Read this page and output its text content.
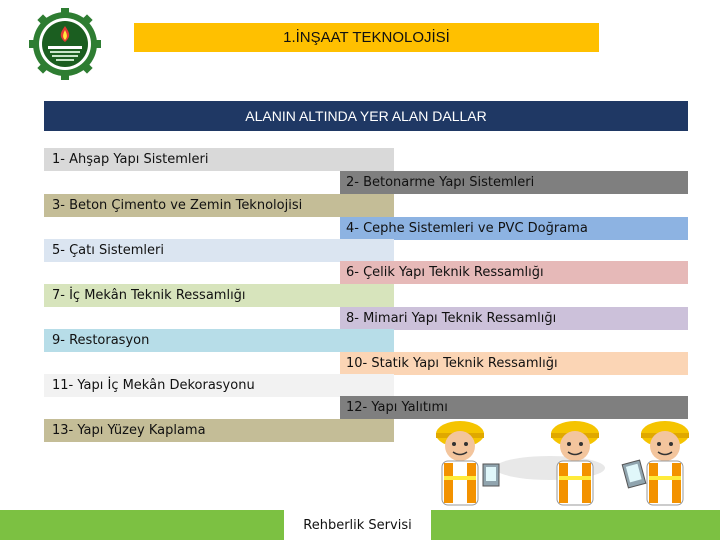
1.İNŞAAT TEKNOLOJİSİ
ALANIN ALTINDA YER ALAN DALLAR
1- Ahşap Yapı Sistemleri
2- Betonarme Yapı Sistemleri
3- Beton Çimento ve Zemin Teknolojisi
4- Cephe Sistemleri ve PVC Doğrama
5- Çatı Sistemleri
6- Çelik Yapı Teknik Ressamlığı
7- İç Mekân Teknik Ressamlığı
8- Mimari Yapı Teknik Ressamlığı
9- Restorasyon
10- Statik Yapı Teknik Ressamlığı
11- Yapı İç Mekân Dekorasyonu
12- Yapı Yalıtımı
13- Yapı Yüzey Kaplama
Rehberlik Servisi
